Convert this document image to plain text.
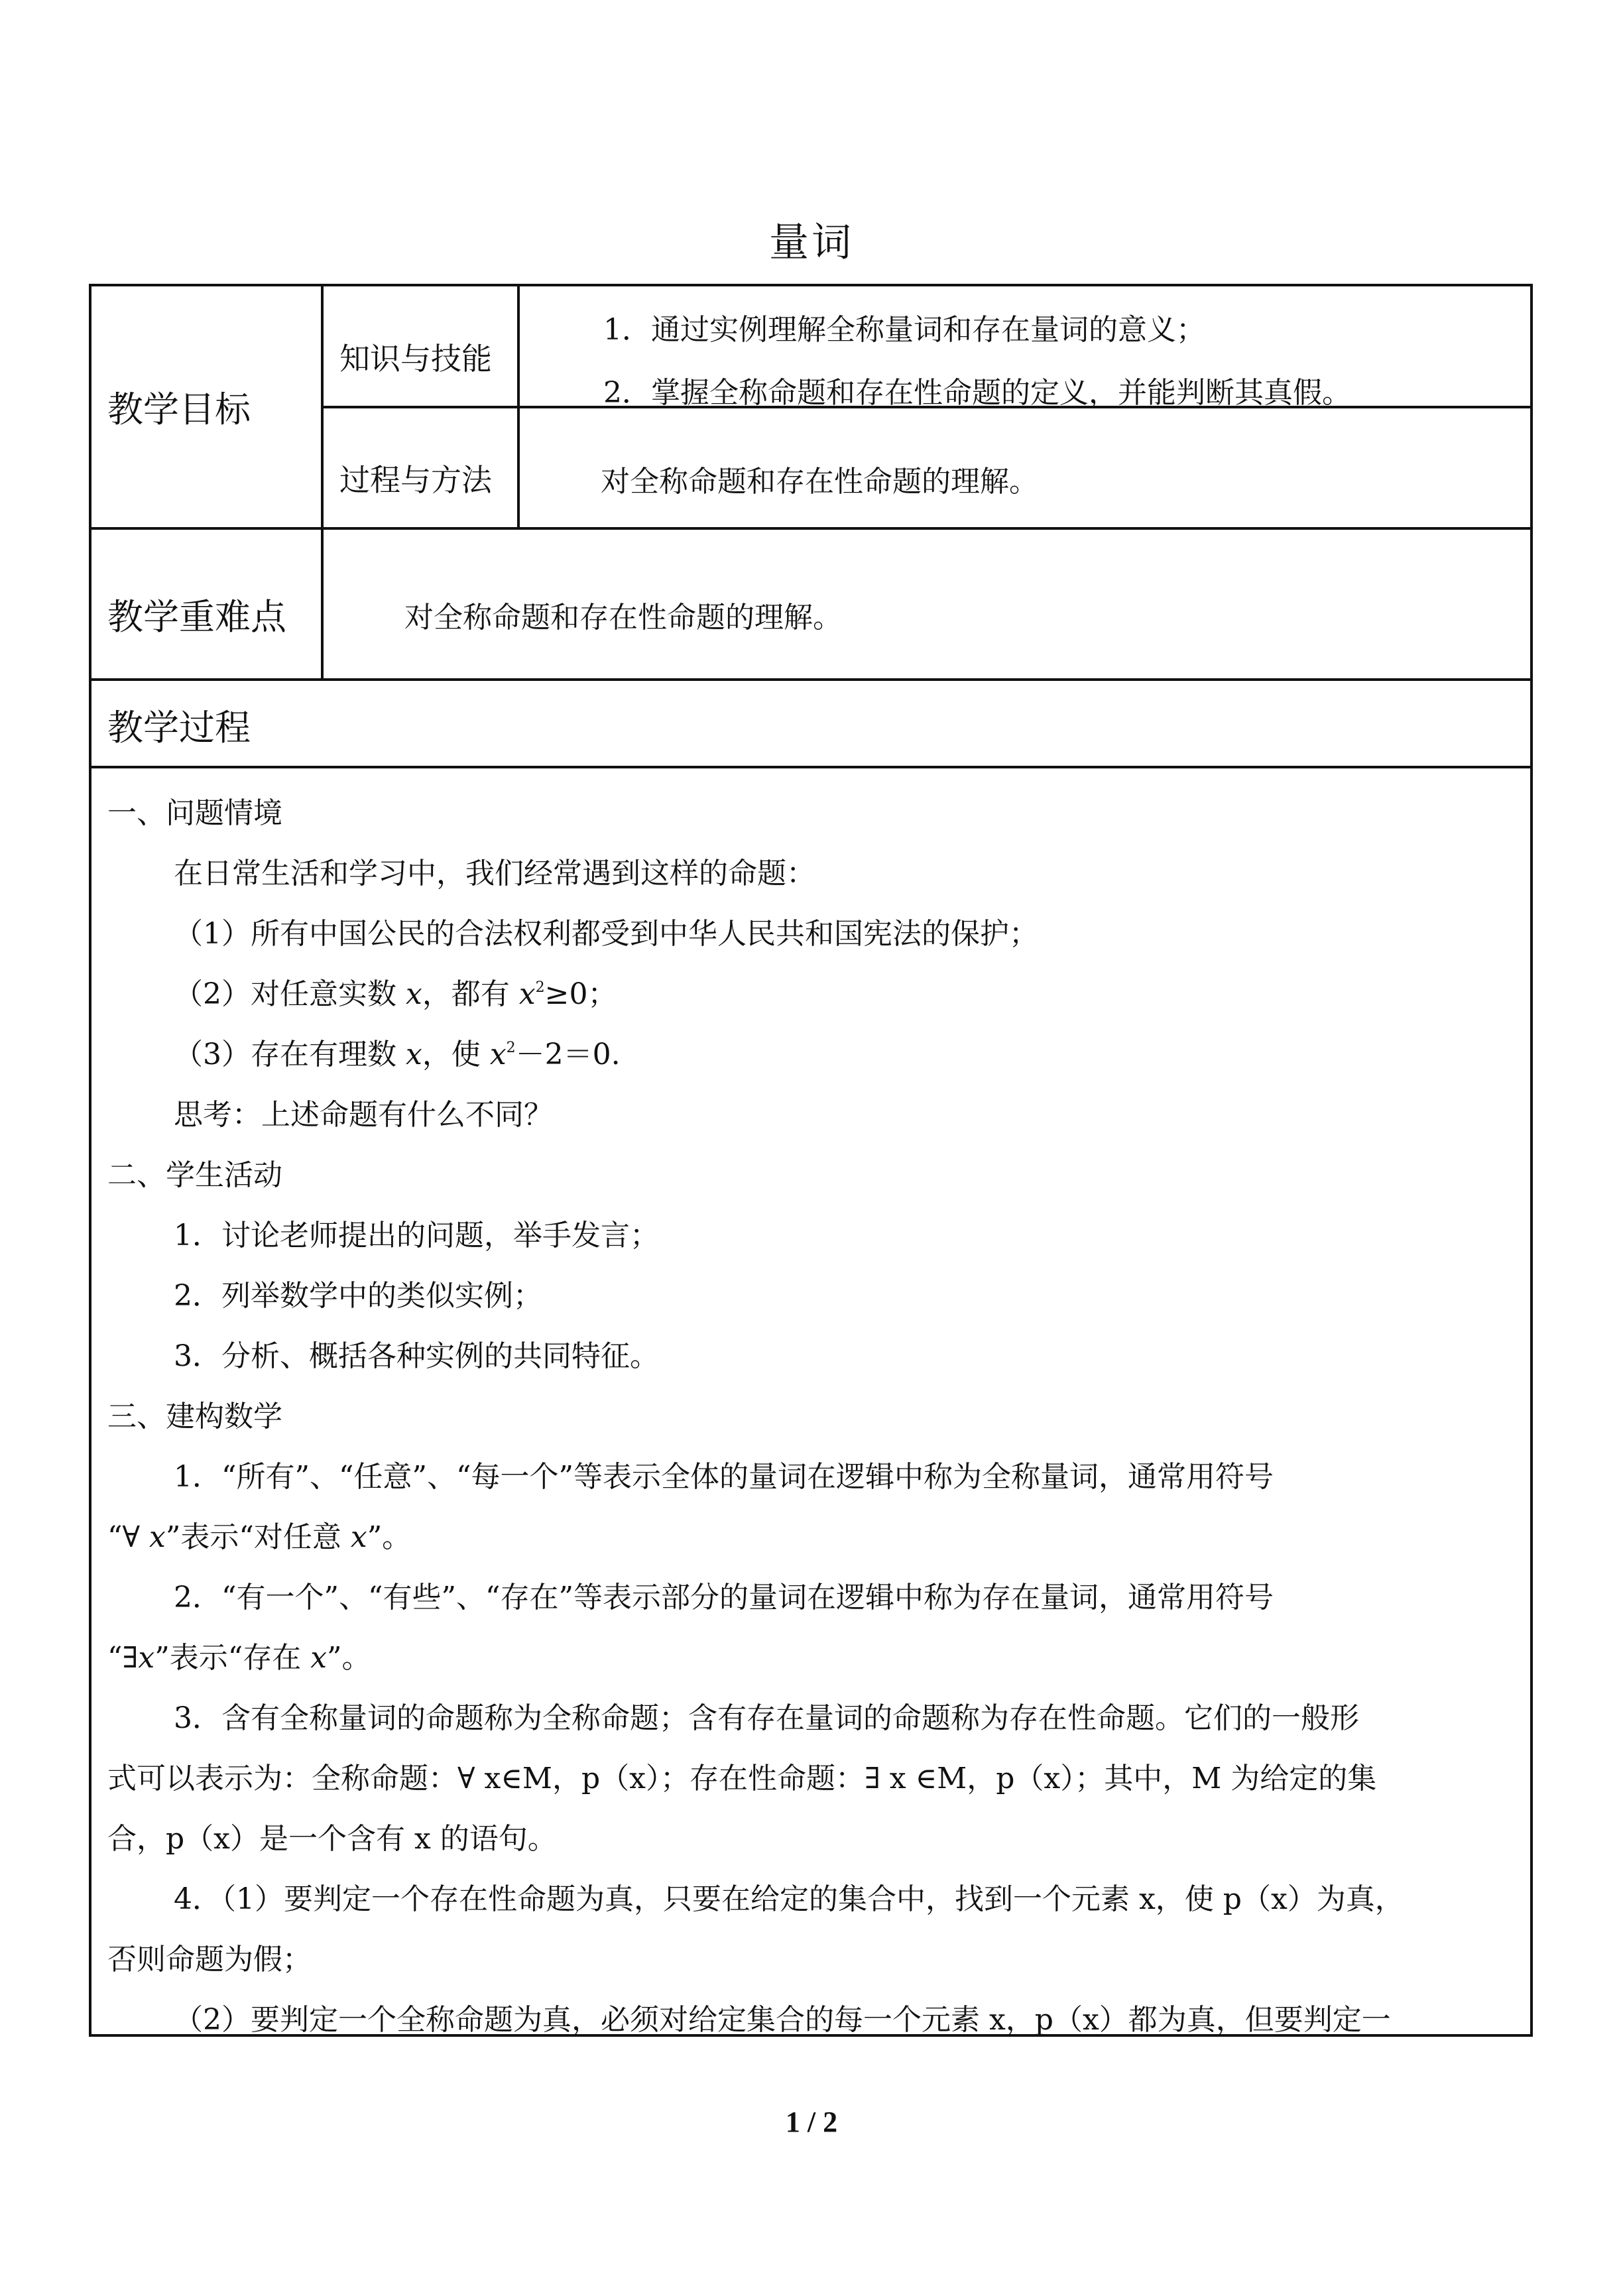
量词
教学目标
知识与技能
1．通过实例理解全称量词和存在量词的意义；
2．掌握全称命题和存在性命题的定义，并能判断其真假。
过程与方法	对全称命题和存在性命题的理解。
教学重难点	对全称命题和存在性命题的理解。
教学过程
一、问题情境
在日常生活和学习中，我们经常遇到这样的命题：
（1）所有中国公民的合法权利都受到中华人民共和国宪法的保护；
（2）对任意实数 x，都有 $x^2\ge 0$；
（3）存在有理数 x，使 $x^2-2=0$.
思考：上述命题有什么不同？
二、学生活动
1．讨论老师提出的问题，举手发言；
2．列举数学中的类似实例；
3．分析、概括各种实例的共同特征。
三、建构数学
1．“所有”、“任意”、“每一个”等表示全体的量词在逻辑中称为全称量词，通常用符号
“∀ x”表示“对任意 x”。
2．“有一个”、“有些”、“存在”等表示部分的量词在逻辑中称为存在量词，通常用符号
“∃x”表示“存在 x”。
3．含有全称量词的命题称为全称命题；含有存在量词的命题称为存在性命题。它们的一般形
式可以表示为：全称命题：∀ x∈M，p（x）；存在性命题：∃ x ∈M，p（x）；其中，M 为给定的集
合，p（x）是一个含有 x 的语句。
4．（1）要判定一个存在性命题为真，只要在给定的集合中，找到一个元素 x，使 p（x）为真，
否则命题为假；
（2）要判定一个全称命题为真，必须对给定集合的每一个元素 x，p（x）都为真，但要判定一
1 / 2
